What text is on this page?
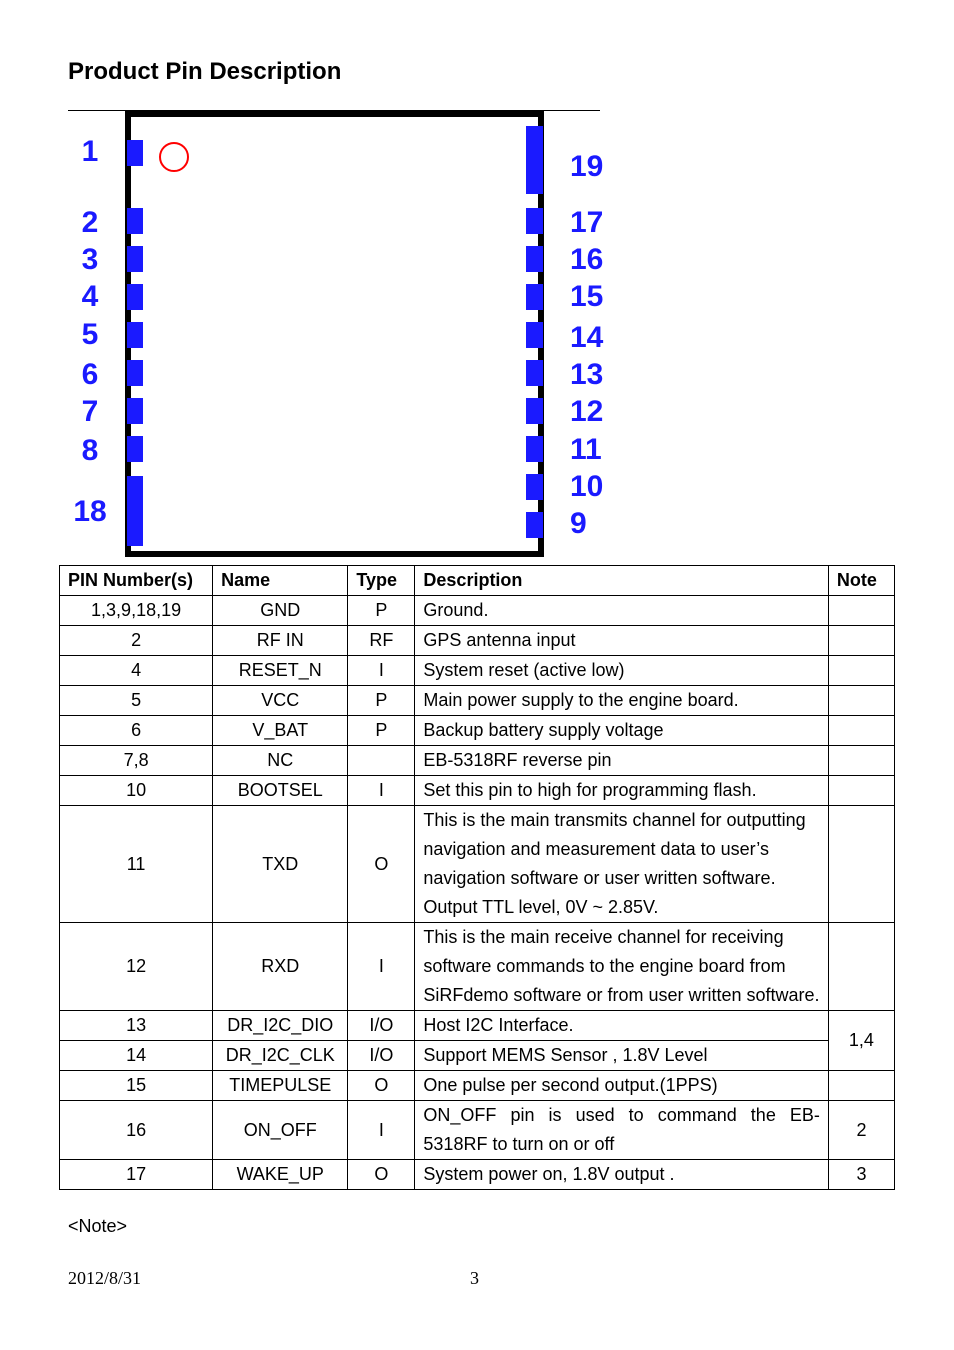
Product Pin Description
1
2
3
4
5
6
7
8
18
19
17
16
15
14
13
12
11
10
9
PIN Number(s)	Name	Type	Description	Note
1,3,9,18,19	GND	P	Ground.	
2	RF IN	RF	GPS antenna input	
4	RESET_N	I	System reset (active low)	
5	VCC	P	Main power supply to the engine board.	
6	V_BAT	P	Backup battery supply voltage	
7,8	NC		EB-5318RF reverse pin	
10	BOOTSEL	I	Set this pin to high for programming flash.	
11	TXD	O	This is the main transmits channel for outputting navigation and measurement data to user’s navigation software or user written software. Output TTL level, 0V ~ 2.85V.	
12	RXD	I	This is the main receive channel for receiving software commands to the engine board from SiRFdemo software or from user written software.	
13	DR_I2C_DIO	I/O	Host I2C Interface.	1,4
14	DR_I2C_CLK	I/O	Support MEMS Sensor , 1.8V Level	
15	TIMEPULSE	O	One pulse per second output.(1PPS)	
16	ON_OFF	I	ON_OFF pin is used to command the EB-5318RF to turn on or off	2
17	WAKE_UP	O	System power on, 1.8V output .	3
<Note>
2012/8/31	3
